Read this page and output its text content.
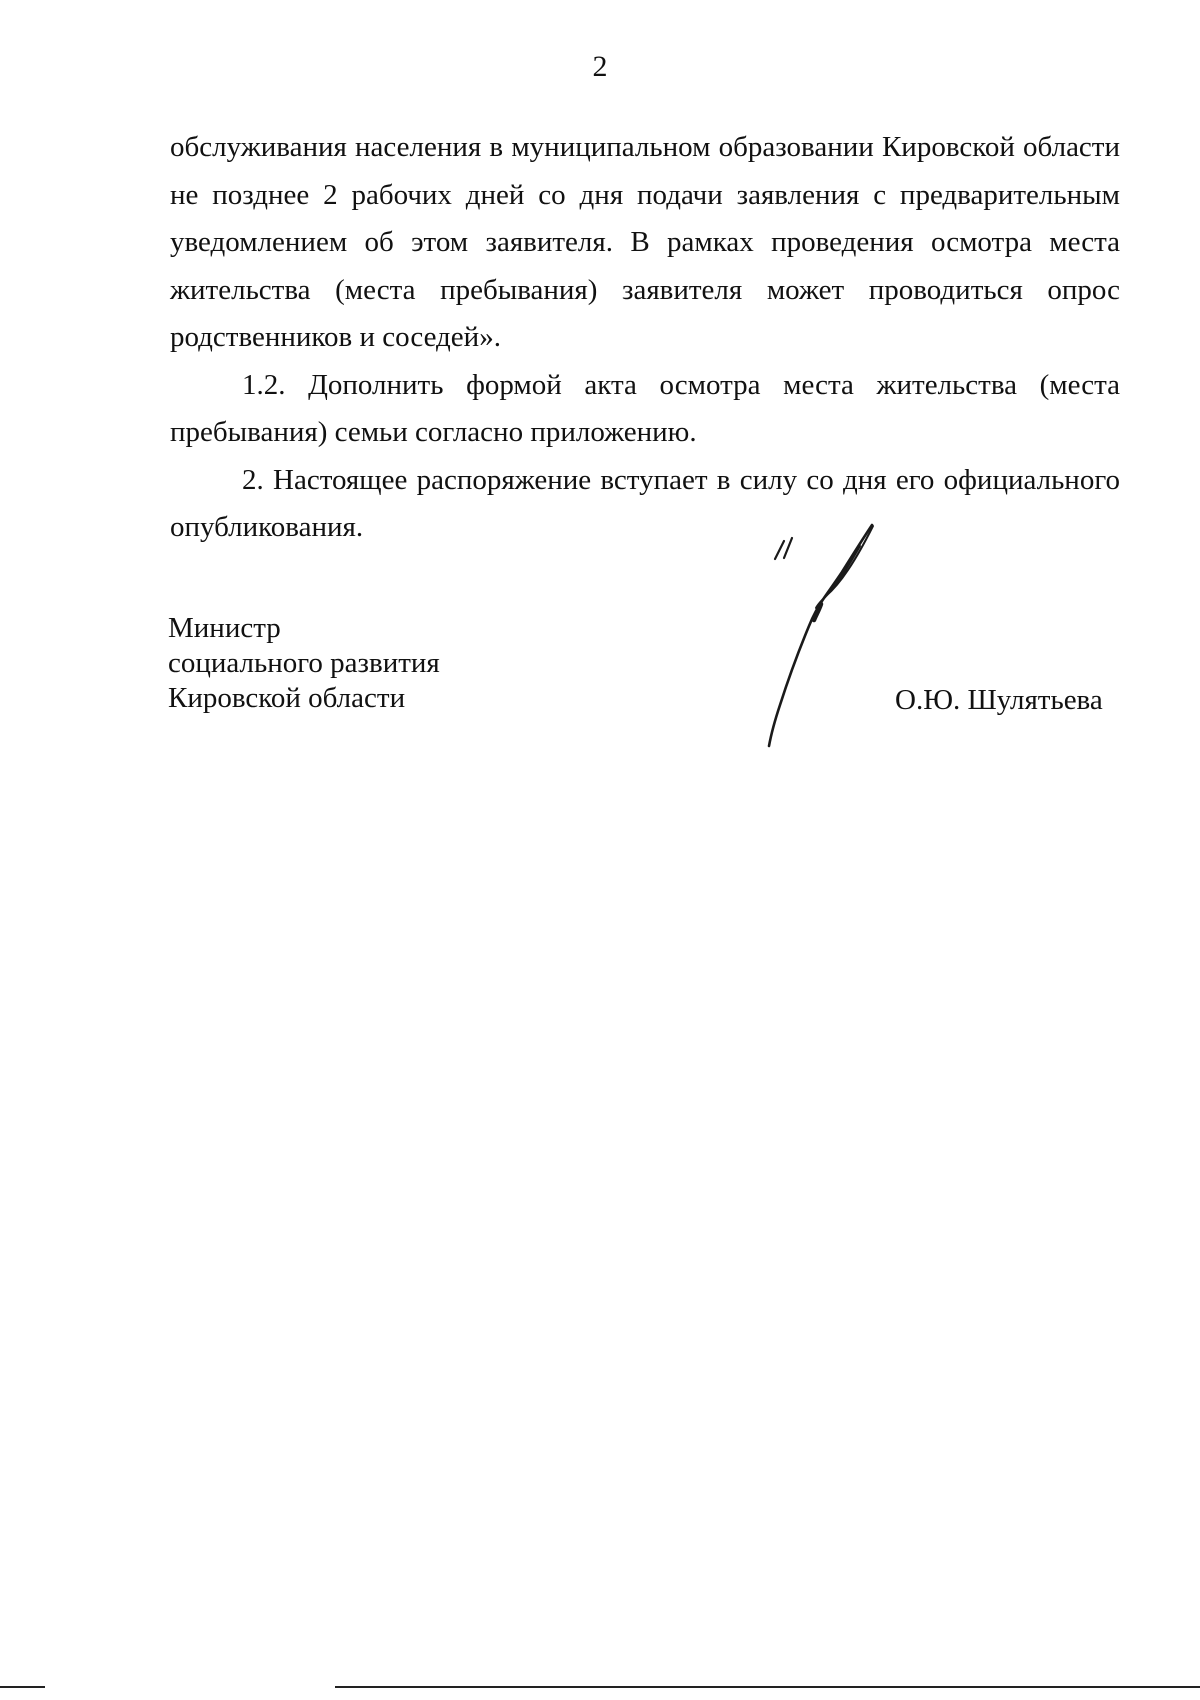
2

обслуживания населения в муниципальном образовании Кировской области не позднее 2 рабочих дней со дня подачи заявления с предварительным уведомлением об этом заявителя. В рамках проведения осмотра места жительства (места пребывания) заявителя может проводиться опрос родственников и соседей».

1.2. Дополнить формой акта осмотра места жительства (места пребывания) семьи согласно приложению.

2. Настоящее распоряжение вступает в силу со дня его официального опубликования.

Министр
социального развития
Кировской области	О.Ю. Шулятьева
